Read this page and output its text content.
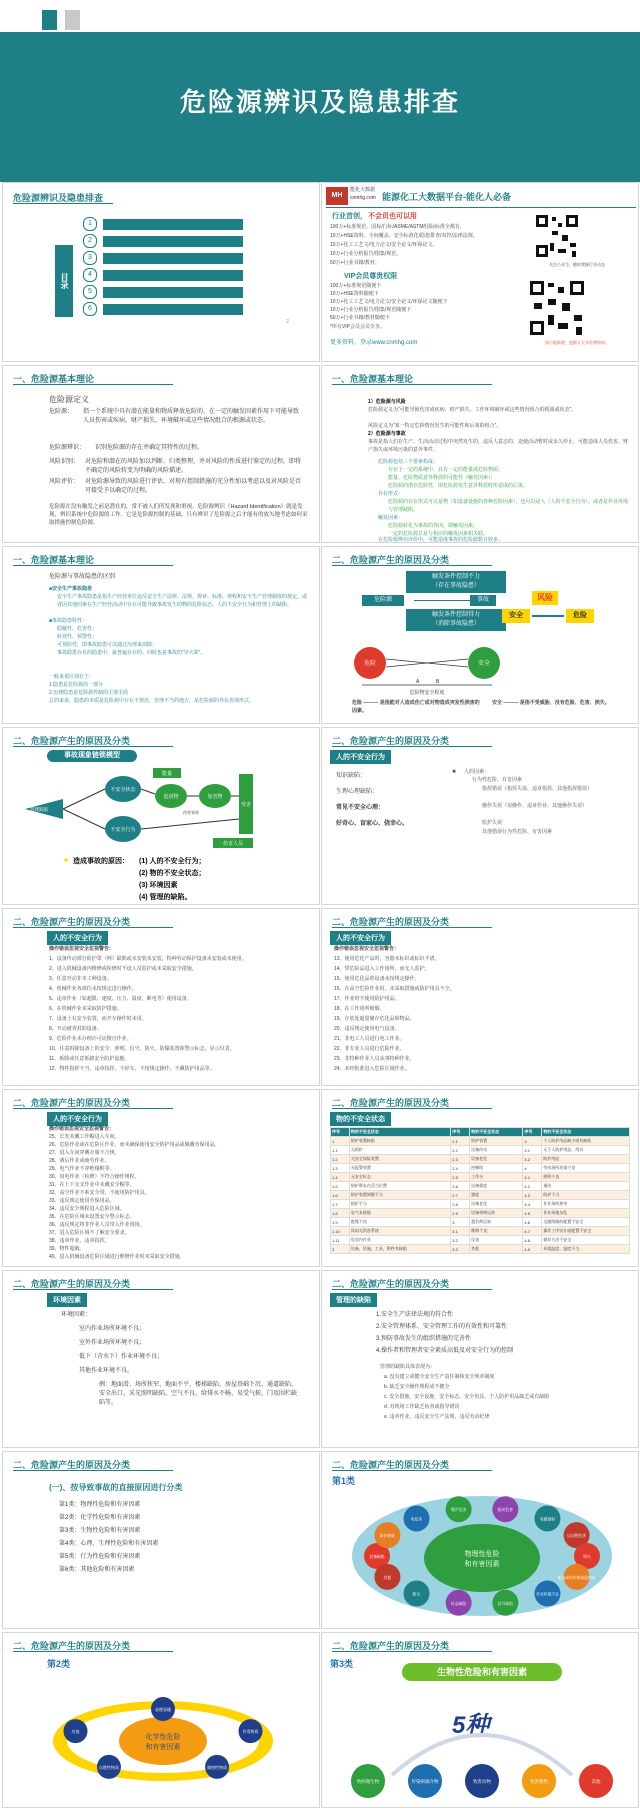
危险源辨识及隐患排查
危险源辨识及隐患排查
目录
1
2
3
4
5
6
2
MH
能化大数据
cnmhg.com 能源化工大数据平台-能化人必备
行业首创， 不会员也可以用
100万+标准规范、国标/行标/ASME/ASTM/国际标准全都有。
10万+HSE资料、全间覆盖、安全标准化/隐患排查/双控/法律法规。
10万+化工工艺文/电力论文/安全论文/环保论文。
10万+行业分析报告/图集/规范。
50万+行业书籍/教材。
VIP会员尊贵权限
100万+标准规范随便下
10万+HSE资料随便下
10万+化工工艺文/电力论文/安全论文/环保论文随便下
10万+行业分析报告/图集/规范随便下
50万+行业书籍/教材随便下
*所有VIP会员会员专享。
更多资料，登录www.cnmhg.com
关注公众号，随时掌握行业动态
加小能助理，进群天天享免费资料。
一、危险源基本理论
危险源定义
危险源：	指一个系统中具有潜在能量和物质释放危险的、在一定的触发因素作用下可能导致人员伤害或疾病、财产损失、环境破坏或这些情况组合的根源或状态。
危险源辨识：	识别危险源的存在并确定其特性的过程。
风险识别： 对危险和潜在的风险加以判断、归类整理，并对风险的性质进行鉴定的过程。即将不确定的风险转变为明确的风险描述。
风险评价： 对危险源导致的风险进行评估、对现有控制措施的充分性加以考虑以及对风险是否可接受予以确定的过程。
危险源在没有触发之前是潜在的，常不被人们所发现和重视。危险源辨识（Hazard Identification）就是发现、辨识系统中危险源的工作。它是危险源控制的基础，只有辨识了危险源之后才能有的放矢地考虑如何采取措施控制危险源。
一、危险源基本理论
1）危险源与风险
危险源定义为“可能导致伤害或疾病、财产损失、工作环境破坏或这些情况组合的根源或状态”。
风险定义为“某一特定危险情况发生的可能性和后果的组合”。
2）危险源与事故
事故是指人们在生产、生活活动过程中突然发生的，违反人意志的，迫使活动暂时或永久停止，可能造成人员伤害、财产损失或环境污染的意外事件。
危险源包括三个要素构成：
存在于一定的系统中，具有一定的能量或危险物质；
能量、危险物质意外释放的可能性（触发因素）；
危险源的潜在危险性，即危险源发生意外释放时所造成的后果。
存在形式：
危险源的存在形式可以是物（如设备设施的各种危险因素），也可以是人（人的不安全行为），或者是作业环境与管理缺陷。
触发因素：
危险源转化为事故的外因，即触发因素。
一定的危险源总是与相应的触发因素相关联。
在危险源辨识评价中，可能造成事故的危险源数目较多。
一、危险源基本理论
危险源与事故隐患的区别
■安全生产事故隐患
安全生产事故隐患是指生产经营单位违反安全生产法律、法规、规章、标准、规程和安全生产管理制度的规定，或者因其他因素在生产经营活动中存在可能导致事故发生的物的危险状态、人的不安全行为和管理上的缺陷。
■事故隐患特性：
隐蔽性、危害性；
时效性、预警性；
可预防性，即事故隐患可以通过治理来消除；
事故隐患存在的隐患中，最普遍存在的、同时也是事故的“导火索”。
一般来说区别在于：
1.隐患是危险源的一部分
2.治理隐患是危险源控制的主要手段
总的来说，隐患的本质是危险源中存在不规范、管理不当的地方，是危险源的外在表现形式。
二、危险源产生的原因及分类
触发条件控制不力
（存在事故隐患）
危险源	事故
触发条件控制得力
（消除事故隐患）
风险
安全	危险
危险	安全
A	B
危险物安全程度
危险 ——— 是指能对人造成伤亡或对物造成突发性损害的因素。
安全 ——— 是指不受威胁、没有危险、危害、损失。
二、危险源产生的原因及分类
事故现象链锁模型
不安全状态
起因物	加害物
不安全行为
受害
管理缺陷
能量
伤害事故
伤害人员
★ 造成事故的原因： (1) 人的不安全行为；
(2) 物的不安全状态；
(3) 环境因素
(4) 管理的缺陷。
二、危险源产生的原因及分类
人的不安全行为
知识缺陷：
生理心理缺陷：
常见不安全心理：
好奇心、盲家心、侥幸心。
✖ 人的因素：
行为性危险、有害因素
指挥错误（指挥失误、违章指挥、其他指挥错误）
操作失误（误操作、违章作业、其他操作失误）
监护失误
其他错误行为性危险、有害因素
二、危险源产生的原因及分类
人的不安全行为
操作错误忽视安全忽视警告：
1、设备传动部分防护罩（网）缺陷或未安装未安装，特种劳动保护设备未安装或未使用。
2、进入机械设备内维修或检修时不设人员监护或未采取安全措施。
3、任意开动非本工种设备。
4、机械作业各部位未按规定进行操作。
5、违章作业（如超限、速度、压力、温度、断电等）使用设备。
6、在机械作业未采取防护措施。
7、设备上有安全装置，而开车操作时未用。
8、开动被查封的设备。
9、危险作业未办理许可证擅自作业。
10、任意拆除设备上的安全、照明、信号、防火、防爆装置和警示标志、显示仪表。
11、拆除或任意拆卸安全防护设施。
12、物件指挥不当、违章指挥、不停车、不按规定操作、不戴防护用品等。
二、危险源产生的原因及分类
人的不安全行为
操作错误忽视安全忽视警告：
13、使用危化产品时，容器未标识或标识不清。
14、带危险品进入工作场所，而无人监护。
15、使用危化品的设备未按规定操作。
16、在高空危险作业时，未采取措施或防护用具不全。
17、作业时不使用防护用品。
18、在工作场所吸烟。
19、存放处超量储存危化品和物品。
20、违反规定使用电气设备。
21、非电工人员进行电工作业。
22、非专业人员进行危险作业。
23、非特种作业人员从事特种作业。
24、未经批准进入危险区域作业。
二、危险源产生的原因及分类
人的不安全行为
操作错误忽视安全忽视警告：
25、长发未戴工作帽进入车间。
26、危险作业或在危险区作业，而未确保使用安全防护用品或佩戴劳保用品。
27、进入车间穿戴衣服不合规。
28、酒后作业或疲劳作业。
29、电气作业不穿绝缘鞋等。
30、用电作业（检修）不符合操作规程。
31、在上下交叉作业中未戴安全帽等。
32、高空作业不系安全带、不使用防护用具。
33、违反规定使用劳保用品。
34、违反安全规程进入危险区域。
35、在危险区域未设置安全警示标志。
36、违反规定将非作业人员带入作业现场。
37、进入危险区域不了解安全要求。
38、违章作业，违章指挥。
39、物件超载。
40、进入机械设备危险区域进行维修作业时未采取安全措施。
二、危险源产生的原因及分类
物的不安全状态
序号	物的不安全状态	序号	物的不安全状态	序号	物的不安全状态
1	防护装置缺陷	2.1	防护装置	3	个人防护用品缺少或有缺陷
1.1	无防护	2.2	设备传动	3.1	无个人防护用品、用具
1.2	无安全保险装置	2.3	设备老化	3.2	防护用品
1.3	无报警装置	2.4	控制线	4	劳动场所环境不良
1.4	无安全标志	2.5	工作台	4.1	照明不良
1.5	防护罩未在适当位置	2.6	设备强度	4.2	通风
1.6	防护装置调整不当	2.7	强度	4.3	防护不当
1.7	防护不当	2.8	设备老化	4.4	作业场所狭窄
1.8	电气未接地	2.9	设备带病运转	4.5	作业场地杂乱
1.9	绝缘不良	3	超负荷运转	4.6	交通线路的配置不安全
1.10	风扇无消音系统	3.1	维修不良	4.7	操作工序设计或配置不安全
1.11	危房内作业	3.2	仪表	4.8	储存方法不安全
2	设备、设施、工具、附件有缺陷	3.3	其他	4.9	环境温度、湿度不当
二、危险源产生的原因及分类
环境因素
环境因素：
室内作业场所环境不良；
室外作业场所环境不良；
低下（含水下）作业环境不良；
其他作业环境不良。
例：地面滑、场所狭窄、地面不平、楼梯缺陷、房屋基础下沉、通道缺陷、安全出口、采光照明缺陷、空气不良、给排水不畅、易受气候、门及围栏缺陷等。
二、危险源产生的原因及分类
管理的缺陷
1.安全生产法律法规的符合性
2.安全管理体系、安全管理工作的有效性和可靠性
3.预防事故发生的组织措施的完善性
4.操作者和管理者安全素质高低及对安全行为的控制
管理的缺陷具体表现为：
a. 没有建立或健全安全生产责任制和安全规章制度
b. 缺乏安全操作规程或不健全
c. 安全措施、安全设施、安全标志、安全用具、个人防护用品缺乏或有缺陷
d. 对现场工作缺乏检查或指导错误
e. 违章作业、违反安全生产法规、违反劳动纪律
二、危险源产生的原因及分类
(一)、按导致事故的直接原因进行分类
第1类：物理性危险和有害因素
第2类：化学性危险和有害因素
第3类：生物性危险和有害因素
第4类：心理、生理性危险和有害因素
第5类：行为性危险和有害因素
第6类：其他危险和有害因素
二、危险源产生的原因及分类
第1类
物理性危险
和有害因素
设备缺陷
防护缺陷
电危害
噪声危害	振动危害
电磁辐射
运动物危害
明火
能造成灼伤的高温物质
作业环境不良
信号缺陷
标志缺陷
粉尘
其他
二、危险源产生的原因及分类
第2类
化学性危险
和有害因素
易燃易爆
有毒物质
腐蚀性物质
自燃性物质
其他
二、危险源产生的原因及分类
第3类
生物性危险和有害因素
5种
致病微生物	传染病媒介物	致害动物	致害植物	其他
